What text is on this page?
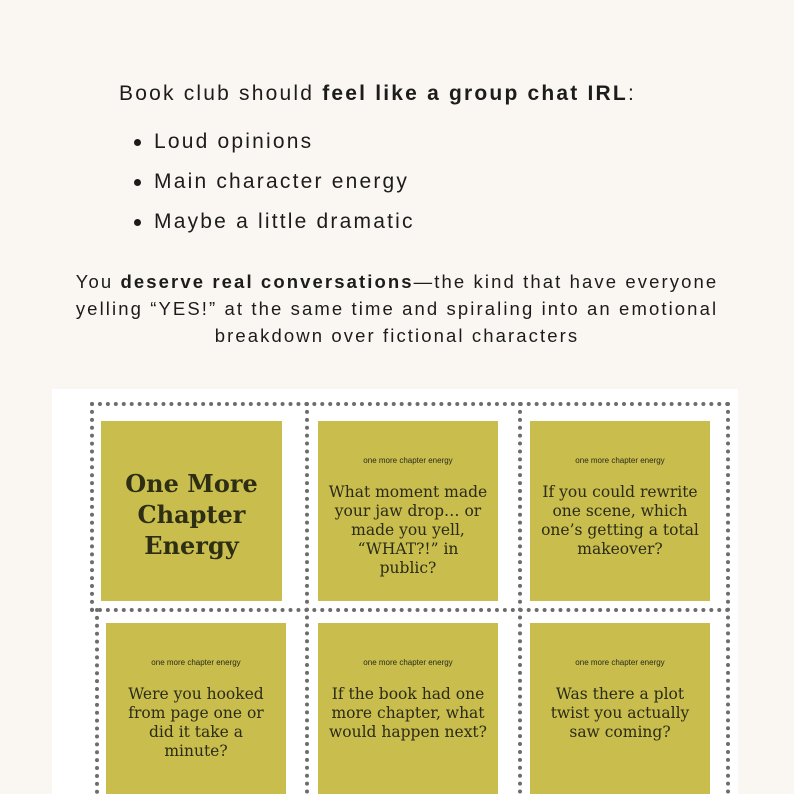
Book club should feel like a group chat IRL:
Loud opinions
Main character energy
Maybe a little dramatic
You deserve real conversations—the kind that have everyone yelling “YES!” at the same time and spiraling into an emotional breakdown over fictional characters
One More Chapter Energy
one more chapter energy
What moment made your jaw drop… or made you yell, “WHAT?!” in public?
one more chapter energy
If you could rewrite one scene, which one’s getting a total makeover?
one more chapter energy
Were you hooked from page one or did it take a minute?
one more chapter energy
If the book had one more chapter, what would happen next?
one more chapter energy
Was there a plot twist you actually saw coming?
